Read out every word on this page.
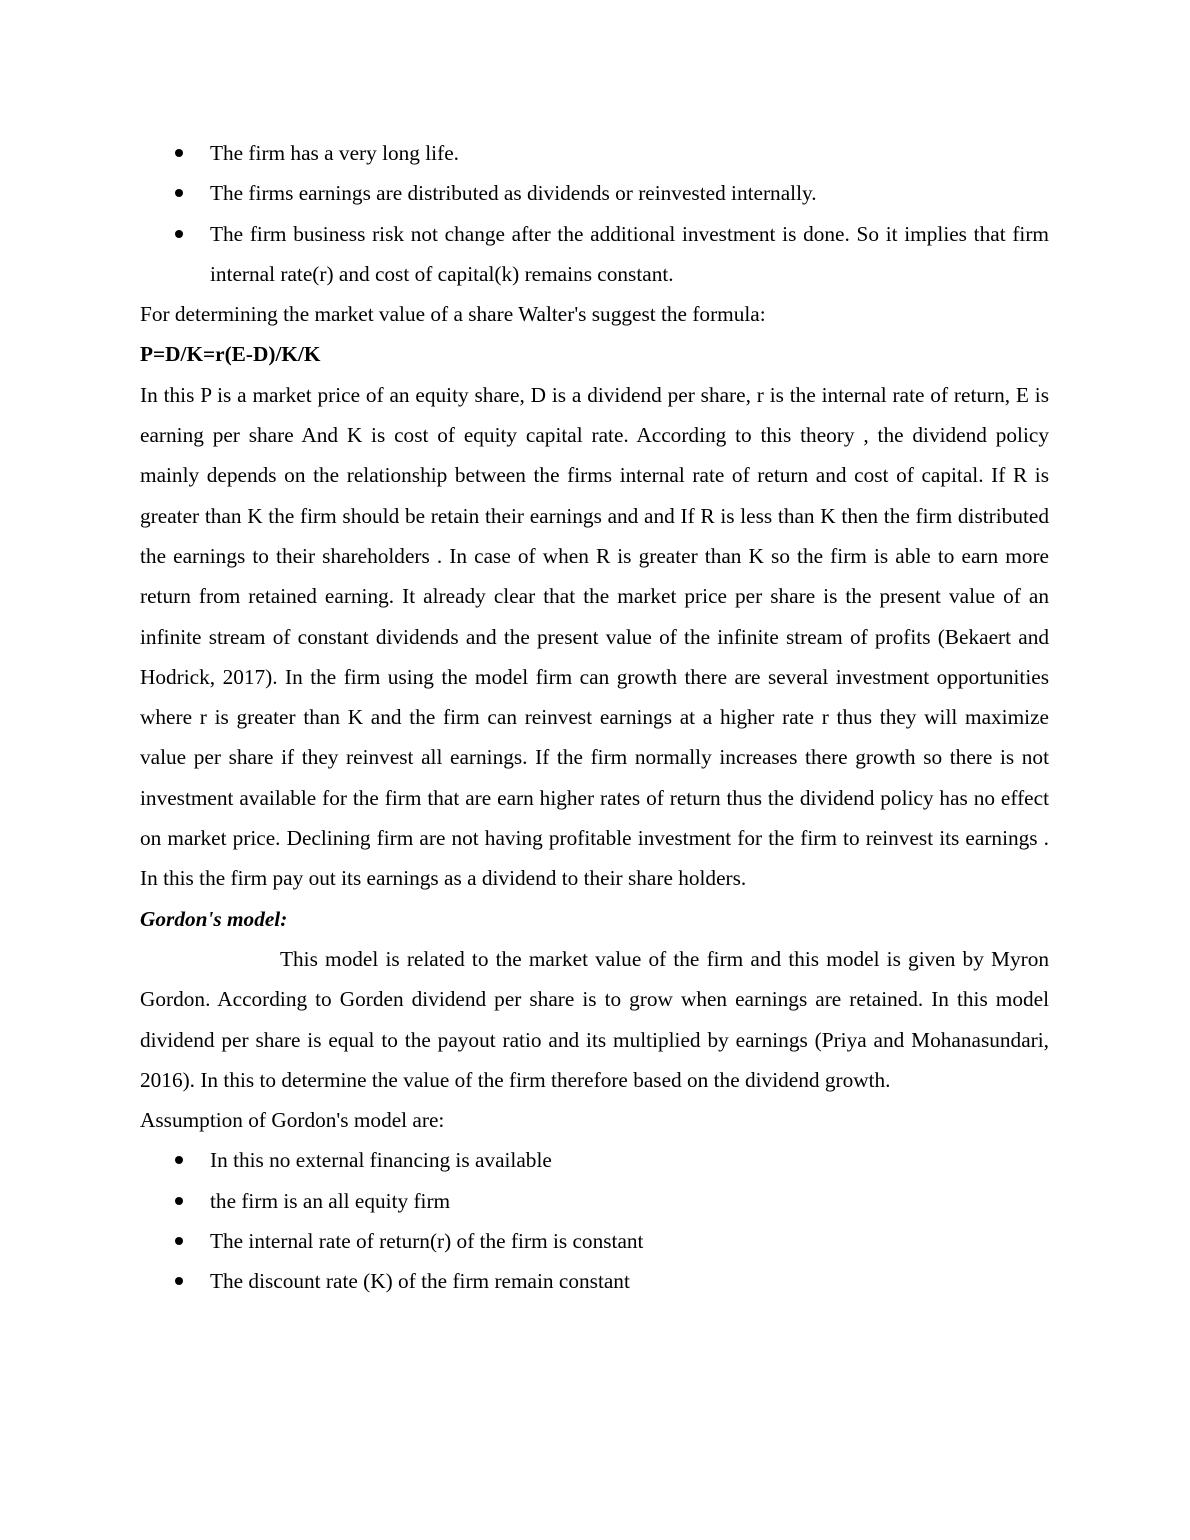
The firm has a very long life.
The firms earnings are distributed as dividends or reinvested internally.
The firm business risk not change after the additional investment is done. So it implies that firm internal rate(r) and cost of capital(k) remains constant.

For determining the market value of a share Walter's suggest the formula:

P=D/K=r(E-D)/K/K

In this P is a market price of an equity share, D is a dividend per share, r is the internal rate of return, E is earning per share And K is cost of equity capital rate. According to this theory , the dividend policy mainly depends on the relationship between the firms internal rate of return and cost of capital. If R is greater than K the firm should be retain their earnings and and If R is less than K then the firm distributed the earnings to their shareholders . In case of when R is greater than K so the firm is able to earn more return from retained earning. It already clear that the market price per share is the present value of an infinite stream of constant dividends and the present value of the infinite stream of profits (Bekaert and Hodrick, 2017). In the firm using the model firm can growth there are several investment opportunities where r is greater than K and the firm can reinvest earnings at a higher rate r thus they will maximize value per share if they reinvest all earnings. If the firm normally increases there growth so there is not investment available for the firm that are earn higher rates of return thus the dividend policy has no effect on market price. Declining firm are not having profitable investment for the firm to reinvest its earnings . In this the firm pay out its earnings as a dividend to their share holders.

Gordon's model:

This model is related to the market value of the firm and this model is given by Myron Gordon. According to Gorden dividend per share is to grow when earnings are retained. In this model dividend per share is equal to the payout ratio and its multiplied by earnings (Priya and Mohanasundari, 2016). In this to determine the value of the firm therefore based on the dividend growth.

Assumption of Gordon's model are:

In this no external financing is available
the firm is an all equity firm
The internal rate of return(r) of the firm is constant
The discount rate (K) of the firm remain constant
